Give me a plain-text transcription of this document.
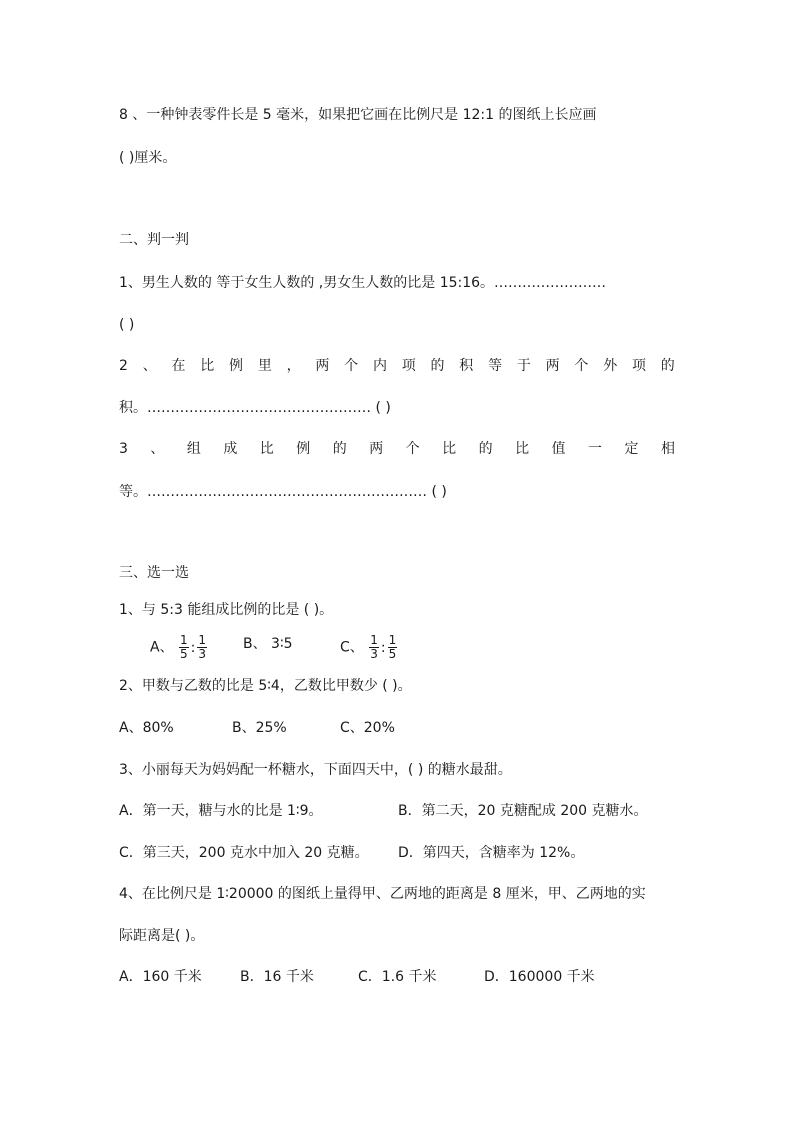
8 、一种钟表零件长是 5 毫米，如果把它画在比例尺是 12:1 的图纸上长应画
( )厘米。
二、判一判
1、男生人数的 等于女生人数的 ,男女生人数的比是 15:16。……………………
( )
2 、 在 比 例 里 ， 两 个 内 项 的 积 等 于 两 个 外 项 的
积。………………………………………… ( )
3 、 组 成 比 例 的 两 个 比 的 比 值 一 定 相
等。…………………………………………………… ( )
三、选一选
1、与 5:3 能组成比例的比是 ( )。
A、 $\frac{1}{5}$ : $\frac{1}{3}$	B、 3∶5	C、 $\frac{1}{3}$ : $\frac{1}{5}$
2、甲数与乙数的比是 5∶4，乙数比甲数少 ( )。
A、80%	B、25%	C、20%
3、小丽每天为妈妈配一杯糖水，下面四天中，( ) 的糖水最甜。
A．第一天，糖与水的比是 1∶9。	B．第二天，20 克糖配成 200 克糖水。
C．第三天，200 克水中加入 20 克糖。 D．第四天，含糖率为 12%。
4、在比例尺是 1∶20000 的图纸上量得甲、乙两地的距离是 8 厘米，甲、乙两地的实
际距离是( )。
A．160 千米	B．16 千米	C．1.6 千米	D．160000 千米
